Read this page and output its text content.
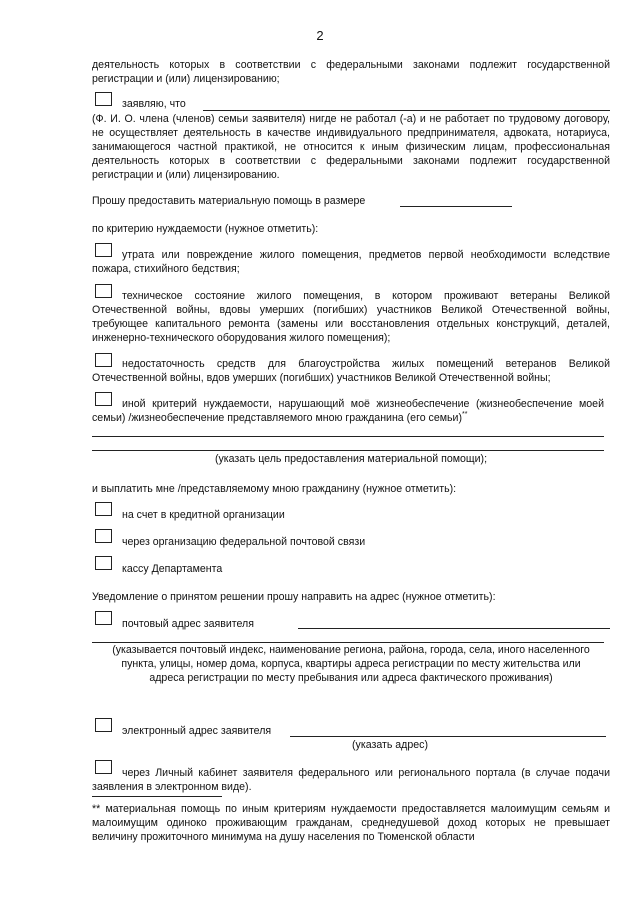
2
деятельность которых в соответствии с федеральными законами подлежит государственной регистрации и (или) лицензированию;
заявляю, что
(Ф. И. О. члена (членов) семьи заявителя) нигде не работал (-а) и не работает по трудовому договору, не осуществляет деятельность в качестве индивидуального предпринимателя, адвоката, нотариуса, занимающегося частной практикой, не относится к иным физическим лицам, профессиональная деятельность которых в соответствии с федеральными законами подлежит государственной регистрации и (или) лицензированию.
Прошу предоставить материальную помощь в размере
по критерию нуждаемости (нужное отметить):
утрата или повреждение жилого помещения, предметов первой необходимости вследствие пожара, стихийного бедствия;
техническое состояние жилого помещения, в котором проживают ветераны Великой Отечественной войны, вдовы умерших (погибших) участников Великой Отечественной войны, требующее капитального ремонта (замены или восстановления отдельных конструкций, деталей, инженерно-технического оборудования жилого помещения);
недостаточность средств для благоустройства жилых помещений ветеранов Великой Отечественной войны, вдов умерших (погибших) участников Великой Отечественной войны;
иной критерий нуждаемости, нарушающий моё жизнеобеспечение (жизнеобеспечение моей семьи) /жизнеобеспечение представляемого мною гражданина (его семьи)**
(указать цель предоставления материальной помощи);
и выплатить мне /представляемому мною гражданину (нужное отметить):
на счет в кредитной организации
через организацию федеральной почтовой связи
кассу Департамента
Уведомление о принятом решении прошу направить на адрес (нужное отметить):
почтовый адрес заявителя
(указывается почтовый индекс, наименование региона, района, города, села, иного населенного пункта, улицы, номер дома, корпуса, квартиры адреса регистрации по месту жительства или адреса регистрации по месту пребывания или адреса фактического проживания)
электронный адрес заявителя
(указать адрес)
через Личный кабинет заявителя федерального или регионального портала (в случае подачи заявления в электронном виде).
** материальная помощь по иным критериям нуждаемости предоставляется малоимущим семьям и малоимущим одиноко проживающим гражданам, среднедушевой доход которых не превышает величину прожиточного минимума на душу населения по Тюменской области
